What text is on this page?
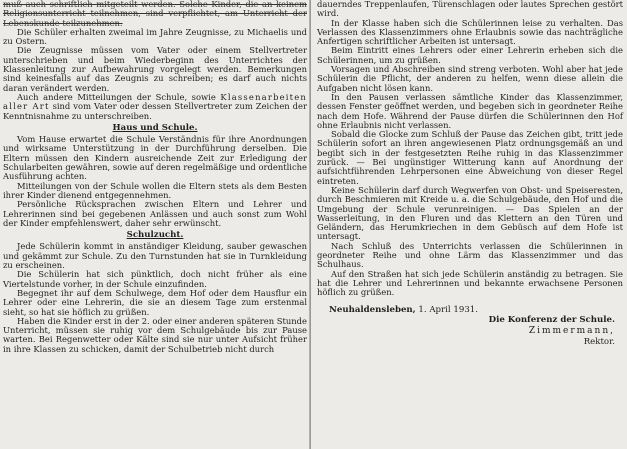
muß auch schriftlich mitgeteilt werden. Solche Kinder, die an keinem Religionsunterricht teilnehmen, sind verpflichtet, am Unterricht der Lebenskunde teilzunehmen.

Die Schüler erhalten zweimal im Jahre Zeugnisse, zu Michaelis und zu Ostern.

Die Zeugnisse müssen vom Vater oder einem Stellvertreter unterschrieben und beim Wiederbeginn des Unterrichtes der Klassenleitung zur Aufbewahrung vorgelegt werden. Bemerkungen sind keinesfalls auf das Zeugnis zu schreiben; es darf auch nichts daran verändert werden.

Auch andere Mitteilungen der Schule, sowie Klassenarbeiten aller Art sind vom Vater oder dessen Stellvertreter zum Zeichen der Kenntnisnahme zu unterschreiben.

Haus und Schule.

Vom Hause erwartet die Schule Verständnis für ihre Anordnungen und wirksame Unterstützung in der Durchführung derselben. Die Eltern müssen den Kindern ausreichende Zeit zur Erledigung der Schularbeiten gewähren, sowie auf deren regelmäßige und ordentliche Ausführung achten.

Mitteilungen von der Schule wollen die Eltern stets als dem Besten ihrer Kinder dienend entgegennehmen.

Persönliche Rücksprachen zwischen Eltern und Lehrer und Lehrerinnen sind bei gegebenen Anlässen und auch sonst zum Wohl der Kinder empfehlenswert, daher sehr erwünscht.

Schulzucht.

Jede Schülerin kommt in anständiger Kleidung, sauber gewaschen und gekämmt zur Schule. Zu den Turnstunden hat sie in Turnkleidung zu erscheinen.

Die Schülerin hat sich pünktlich, doch nicht früher als eine Viertelstunde vorher, in der Schule einzufinden.

Begegnet ihr auf dem Schulwege, dem Hof oder dem Hausflur ein Lehrer oder eine Lehrerin, die sie an diesem Tage zum erstenmal sieht, so hat sie höflich zu grüßen.

Haben die Kinder erst in der 2. oder einer anderen späteren Stunde Unterricht, müssen sie ruhig vor dem Schulgebäude bis zur Pause warten. Bei Regenwetter oder Kälte sind sie nur unter Aufsicht früher in ihre Klassen zu schicken, damit der Schulbetrieb nicht durch

dauerndes Treppenlaufen, Türenschlagen oder lautes Sprechen gestört wird.

In der Klasse haben sich die Schülerinnen leise zu verhalten. Das Verlassen des Klassenzimmers ohne Erlaubnis sowie das nachträgliche Anfertigen schriftlicher Arbeiten ist untersagt.

Beim Eintritt eines Lehrers oder einer Lehrerin erheben sich die Schülerinnen, um zu grüßen.

Vorsagen und Abschreiben sind streng verboten. Wohl aber hat jede Schülerin die Pflicht, der anderen zu helfen, wenn diese allein die Aufgaben nicht lösen kann.

In den Pausen verlassen sämtliche Kinder das Klassenzimmer, dessen Fenster geöffnet werden, und begeben sich in geordneter Reihe nach dem Hofe. Während der Pause dürfen die Schülerinnen den Hof ohne Erlaubnis nicht verlassen.

Sobald die Glocke zum Schluß der Pause das Zeichen gibt, tritt jede Schülerin sofort an ihren angewiesenen Platz ordnungsgemäß an und begibt sich in der festgesetzten Reihe ruhig in das Klassenzimmer zurück. — Bei ungünstiger Witterung kann auf Anordnung der aufsichtführenden Lehrpersonen eine Abweichung von dieser Regel eintreten.

Keine Schülerin darf durch Wegwerfen von Obst- und Speiseresten, durch Beschmieren mit Kreide u. a. die Schulgebäude, den Hof und die Umgebung der Schule verunreinigen. — Das Spielen an der Wasserleitung, in den Fluren und das Klettern an den Türen und Geländern, das Herumkriechen in dem Gebüsch auf dem Hofe ist untersagt.

Nach Schluß des Unterrichts verlassen die Schülerinnen in geordneter Reihe und ohne Lärm das Klassenzimmer und das Schulhaus.

Auf den Straßen hat sich jede Schülerin anständig zu betragen. Sie hat die Lehrer und Lehrerinnen und bekannte erwachsene Personen höflich zu grüßen.

Neuhaldensleben, 1. April 1931.
Die Konferenz der Schule.
Zimmermann,
Rektor.
